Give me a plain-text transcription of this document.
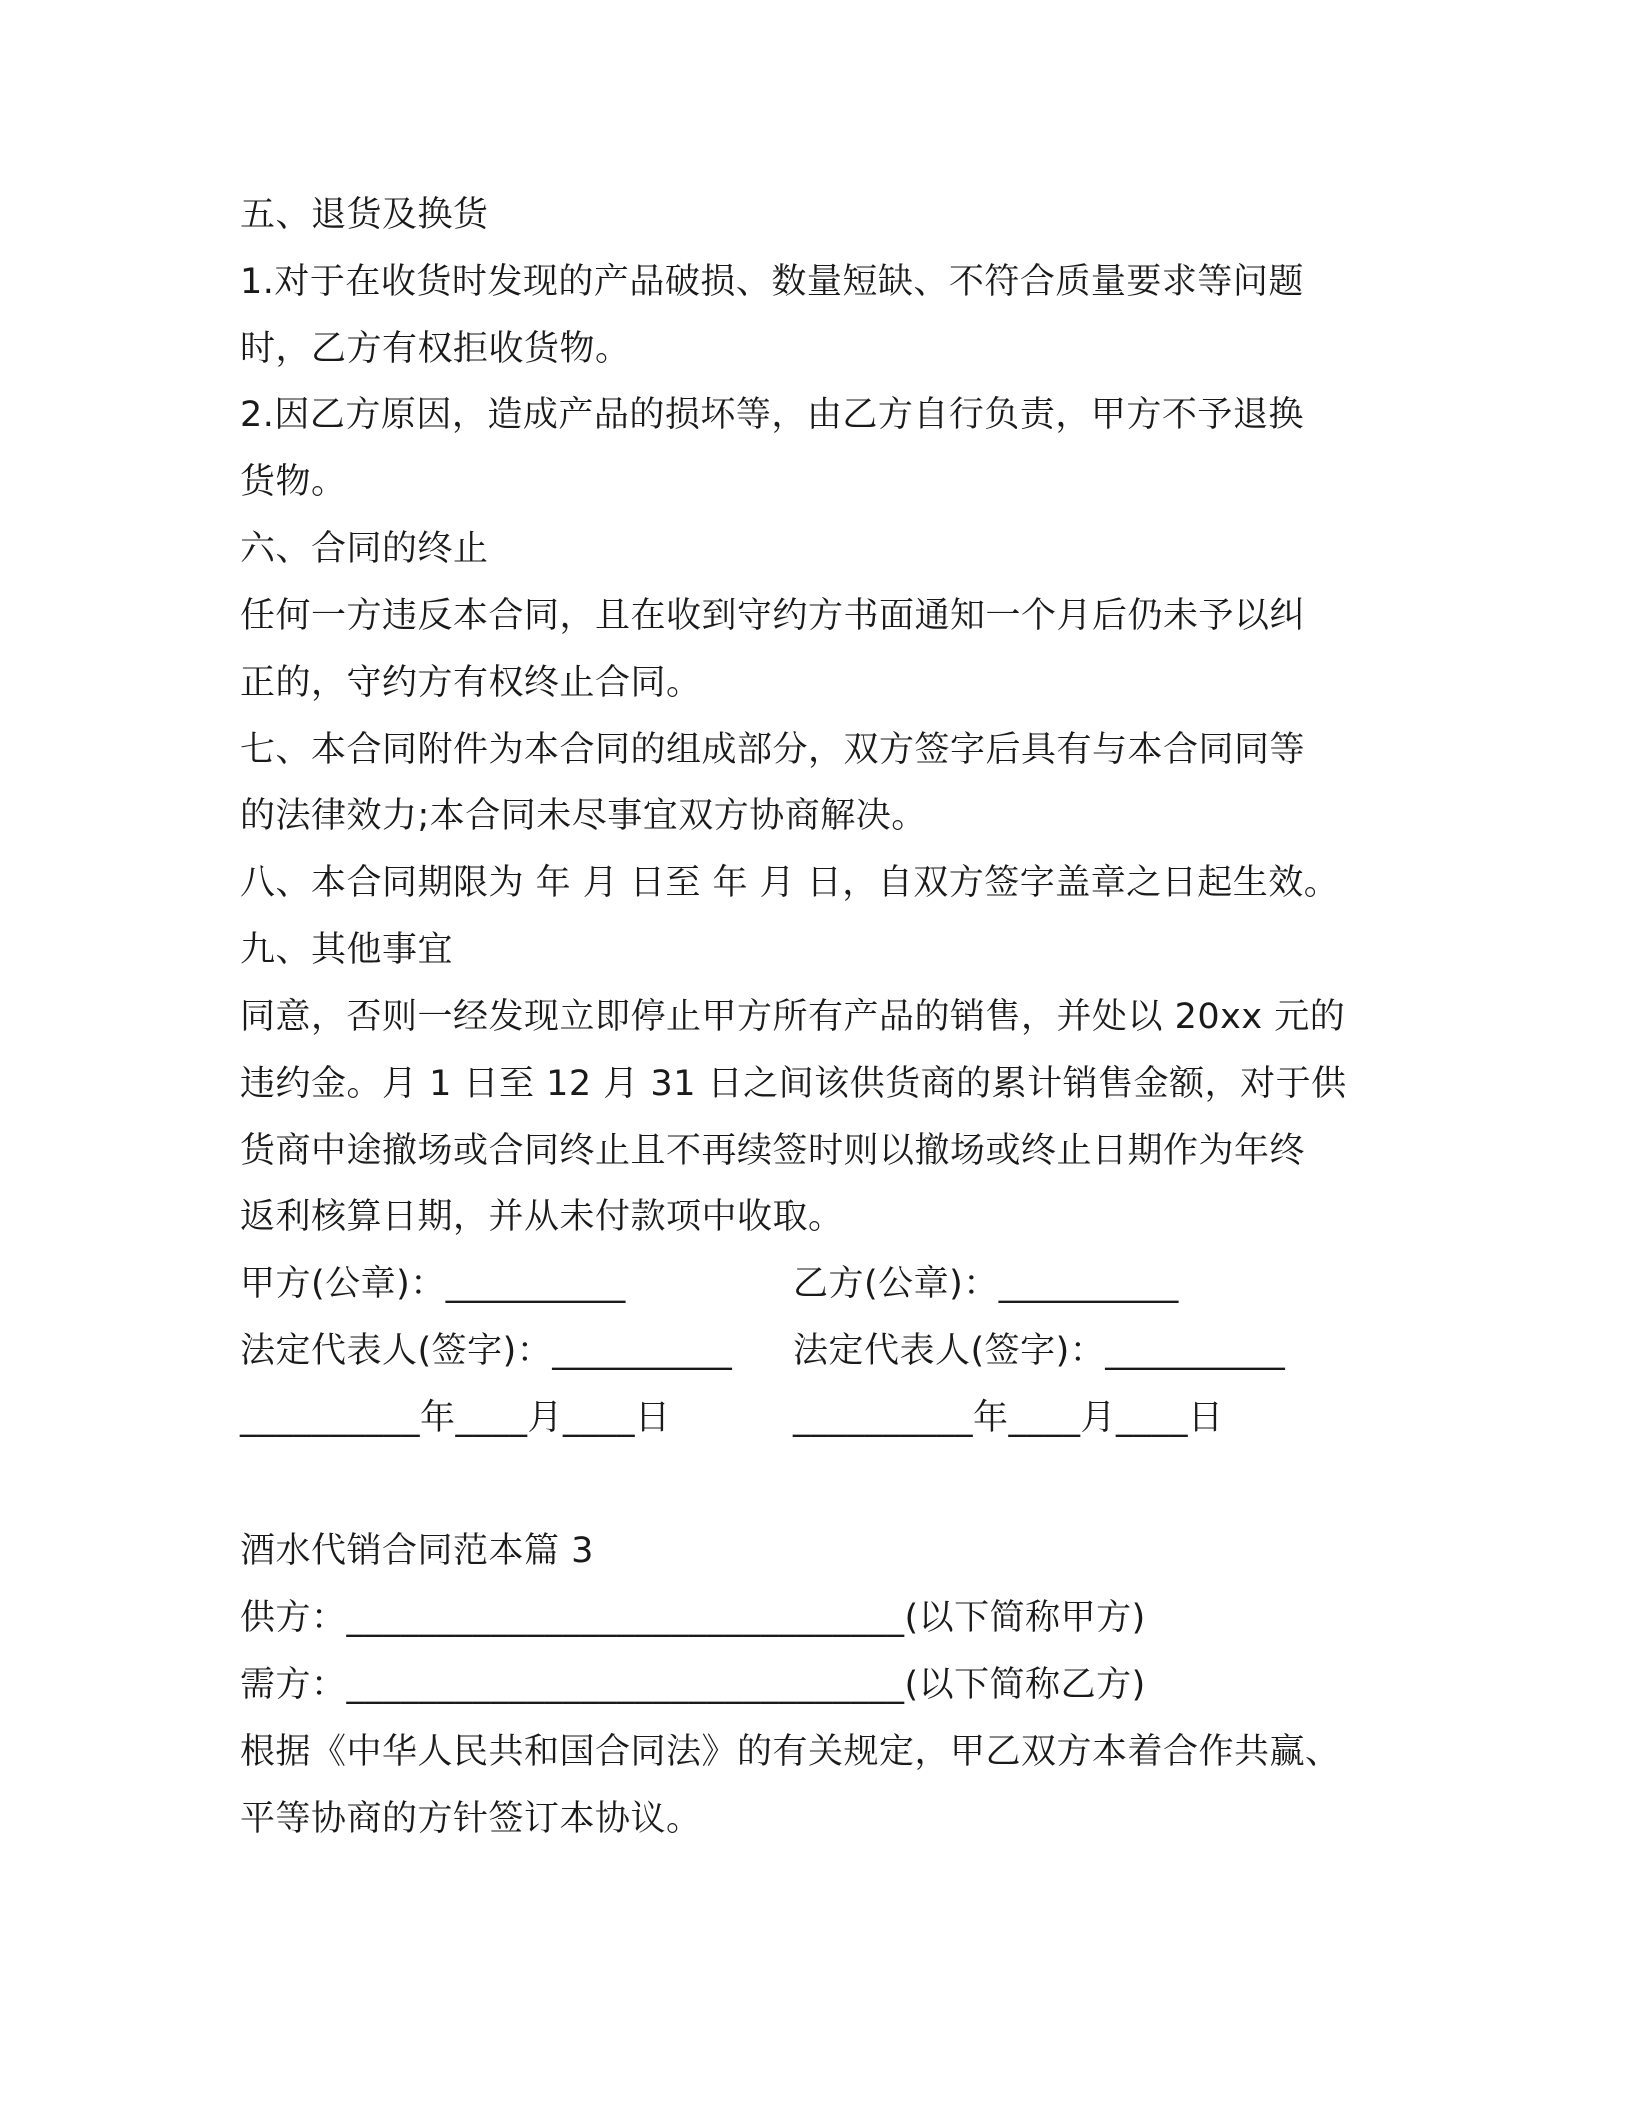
五、退货及换货
1.对于在收货时发现的产品破损、数量短缺、不符合质量要求等问题
时，乙方有权拒收货物。
2.因乙方原因，造成产品的损坏等，由乙方自行负责，甲方不予退换
货物。
六、合同的终止
任何一方违反本合同，且在收到守约方书面通知一个月后仍未予以纠
正的，守约方有权终止合同。
七、本合同附件为本合同的组成部分，双方签字后具有与本合同同等
的法律效力;本合同未尽事宜双方协商解决。
八、本合同期限为 年 月 日至 年 月 日，自双方签字盖章之日起生效。
九、其他事宜
同意，否则一经发现立即停止甲方所有产品的销售，并处以 20xx 元的
违约金。月 1 日至 12 月 31 日之间该供货商的累计销售金额，对于供
货商中途撤场或合同终止且不再续签时则以撤场或终止日期作为年终
返利核算日期，并从未付款项中收取。
甲方(公章)：__________	乙方(公章)：__________
法定代表人(签字)：__________ 法定代表人(签字)：__________
__________年____月____日	__________年____月____日
酒水代销合同范本篇 3
供方：_______________________________(以下简称甲方)
需方：_______________________________(以下简称乙方)
根据《中华人民共和国合同法》的有关规定，甲乙双方本着合作共赢、
平等协商的方针签订本协议。
